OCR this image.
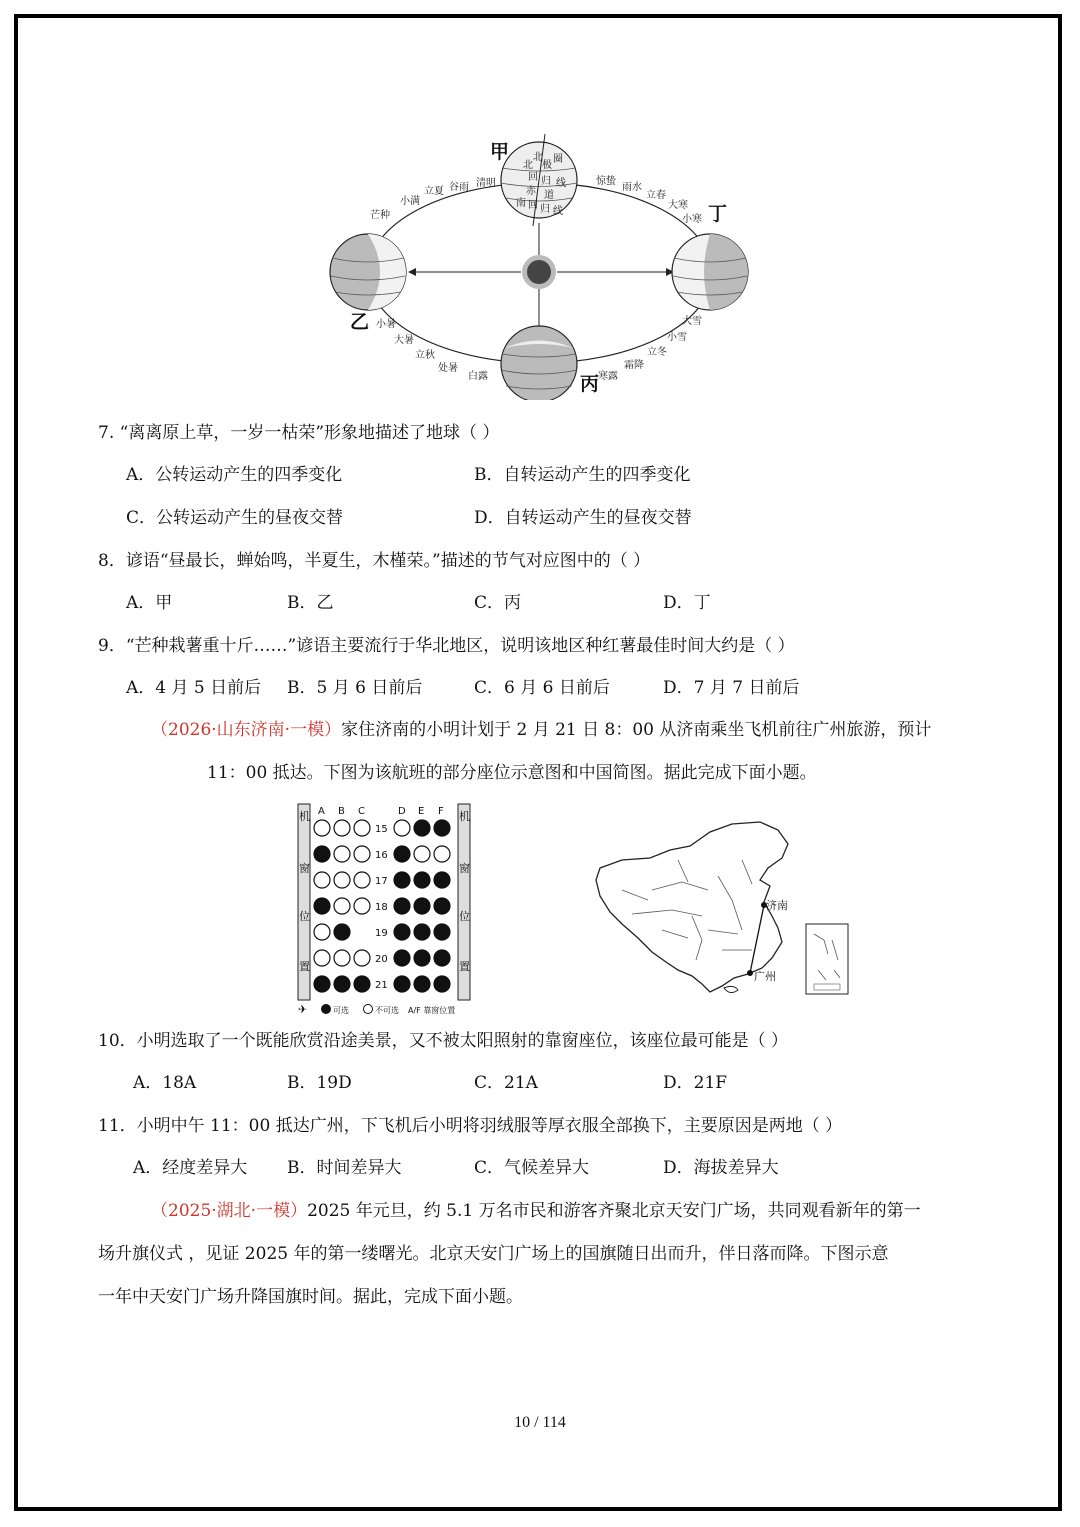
北
北
极
圈
回 归 线
赤 道
南 回 归 线
甲
乙
丙
丁
清明
谷雨
立夏
小满
芒种
惊蛰
雨水
立春
大寒
小寒
小暑
大暑
立秋
处暑
白露	寒露
霜降
立冬
小雪
大雪
7. “离离原上草，一岁一枯荣”形象地描述了地球（ ）
A．公转运动产生的四季变化	B．自转运动产生的四季变化
C．公转运动产生的昼夜交替	D．自转运动产生的昼夜交替
8．谚语“昼最长，蝉始鸣，半夏生，木槿荣。”描述的节气对应图中的（ ）
A．甲	B．乙	C．丙	D．丁
9．“芒种栽薯重十斤……”谚语主要流行于华北地区，说明该地区种红薯最佳时间大约是（ ）
A．4 月 5 日前后 B．5 月 6 日前后	C．6 月 6 日前后	D．7 月 7 日前后
（2026·山东济南·一模）家住济南的小明计划于 2 月 21 日 8：00 从济南乘坐飞机前往广州旅游，预计
11：00 抵达。下图为该航班的部分座位示意图和中国简图。据此完成下面小题。
机	机
窗	窗
位	位
置	置
A B C	D E F
15
16
17
18
19
20
21
✈	可选	不可选 A/F 靠窗位置
济南
广州
10．小明选取了一个既能欣赏沿途美景，又不被太阳照射的靠窗座位，该座位最可能是（ ）
A．18A	B．19D	C．21A	D．21F
11．小明中午 11：00 抵达广州，下飞机后小明将羽绒服等厚衣服全部换下，主要原因是两地（ ）
A．经度差异大 B．时间差异大	C．气候差异大	D．海拔差异大
（2025·湖北·一模）2025 年元旦，约 5.1 万名市民和游客齐聚北京天安门广场，共同观看新年的第一
场升旗仪式 ，见证 2025 年的第一缕曙光。北京天安门广场上的国旗随日出而升，伴日落而降。下图示意
一年中天安门广场升降国旗时间。据此，完成下面小题。
10 / 114
